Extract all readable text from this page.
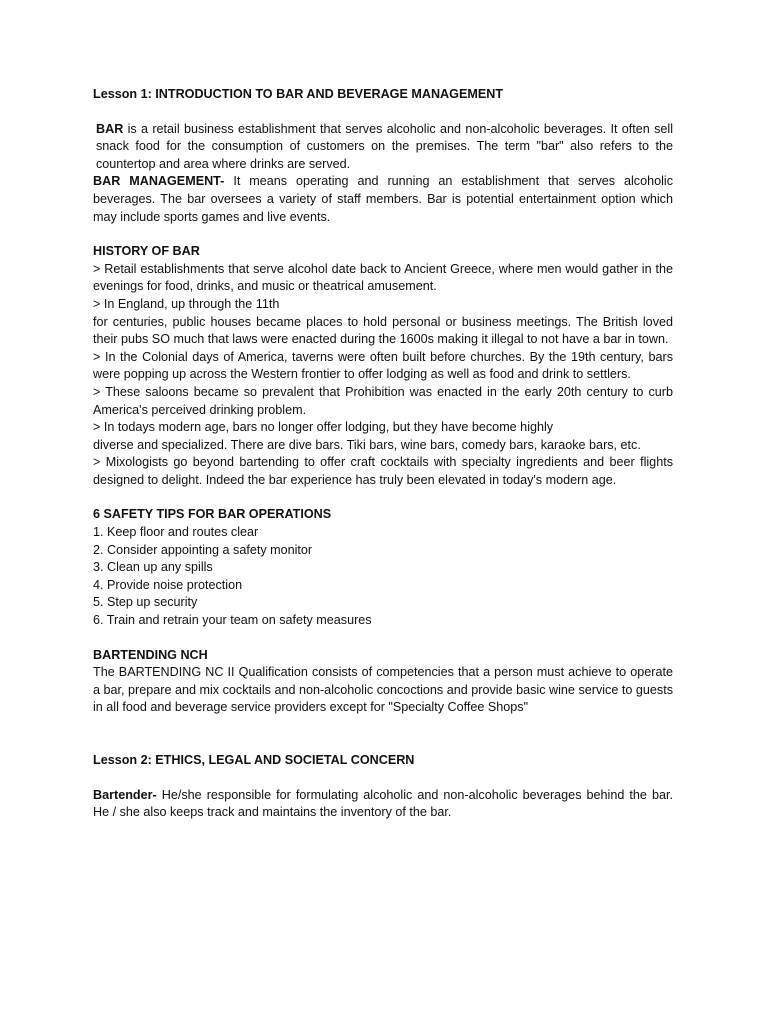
Lesson 1: INTRODUCTION TO BAR AND BEVERAGE MANAGEMENT

BAR is a retail business establishment that serves alcoholic and non-alcoholic beverages. It often sell snack food for the consumption of customers on the premises. The term "bar" also refers to the countertop and area where drinks are served.

BAR MANAGEMENT- It means operating and running an establishment that serves alcoholic beverages. The bar oversees a variety of staff members. Bar is potential entertainment option which may include sports games and live events.

HISTORY OF BAR

> Retail establishments that serve alcohol date back to Ancient Greece, where men would gather in the evenings for food, drinks, and music or theatrical amusement.

> In England, up through the 11th

for centuries, public houses became places to hold personal or business meetings. The British loved their pubs SO much that laws were enacted during the 1600s making it illegal to not have a bar in town.

> In the Colonial days of America, taverns were often built before churches. By the 19th century, bars were popping up across the Western frontier to offer lodging as well as food and drink to settlers.

> These saloons became so prevalent that Prohibition was enacted in the early 20th century to curb America's perceived drinking problem.

> In todays modern age, bars no longer offer lodging, but they have become highly

diverse and specialized. There are dive bars. Tiki bars, wine bars, comedy bars, karaoke bars, etc.

> Mixologists go beyond bartending to offer craft cocktails with specialty ingredients and beer flights designed to delight. Indeed the bar experience has truly been elevated in today's modern age.

6 SAFETY TIPS FOR BAR OPERATIONS
1. Keep floor and routes clear
2. Consider appointing a safety monitor
3. Clean up any spills
4. Provide noise protection
5. Step up security
6. Train and retrain your team on safety measures
BARTENDING NCH

The BARTENDING NC II Qualification consists of competencies that a person must achieve to operate a bar, prepare and mix cocktails and non-alcoholic concoctions and provide basic wine service to guests in all food and beverage service providers except for "Specialty Coffee Shops"

Lesson 2: ETHICS, LEGAL AND SOCIETAL CONCERN

Bartender- He/she responsible for formulating alcoholic and non-alcoholic beverages behind the bar. He / she also keeps track and maintains the inventory of the bar.
